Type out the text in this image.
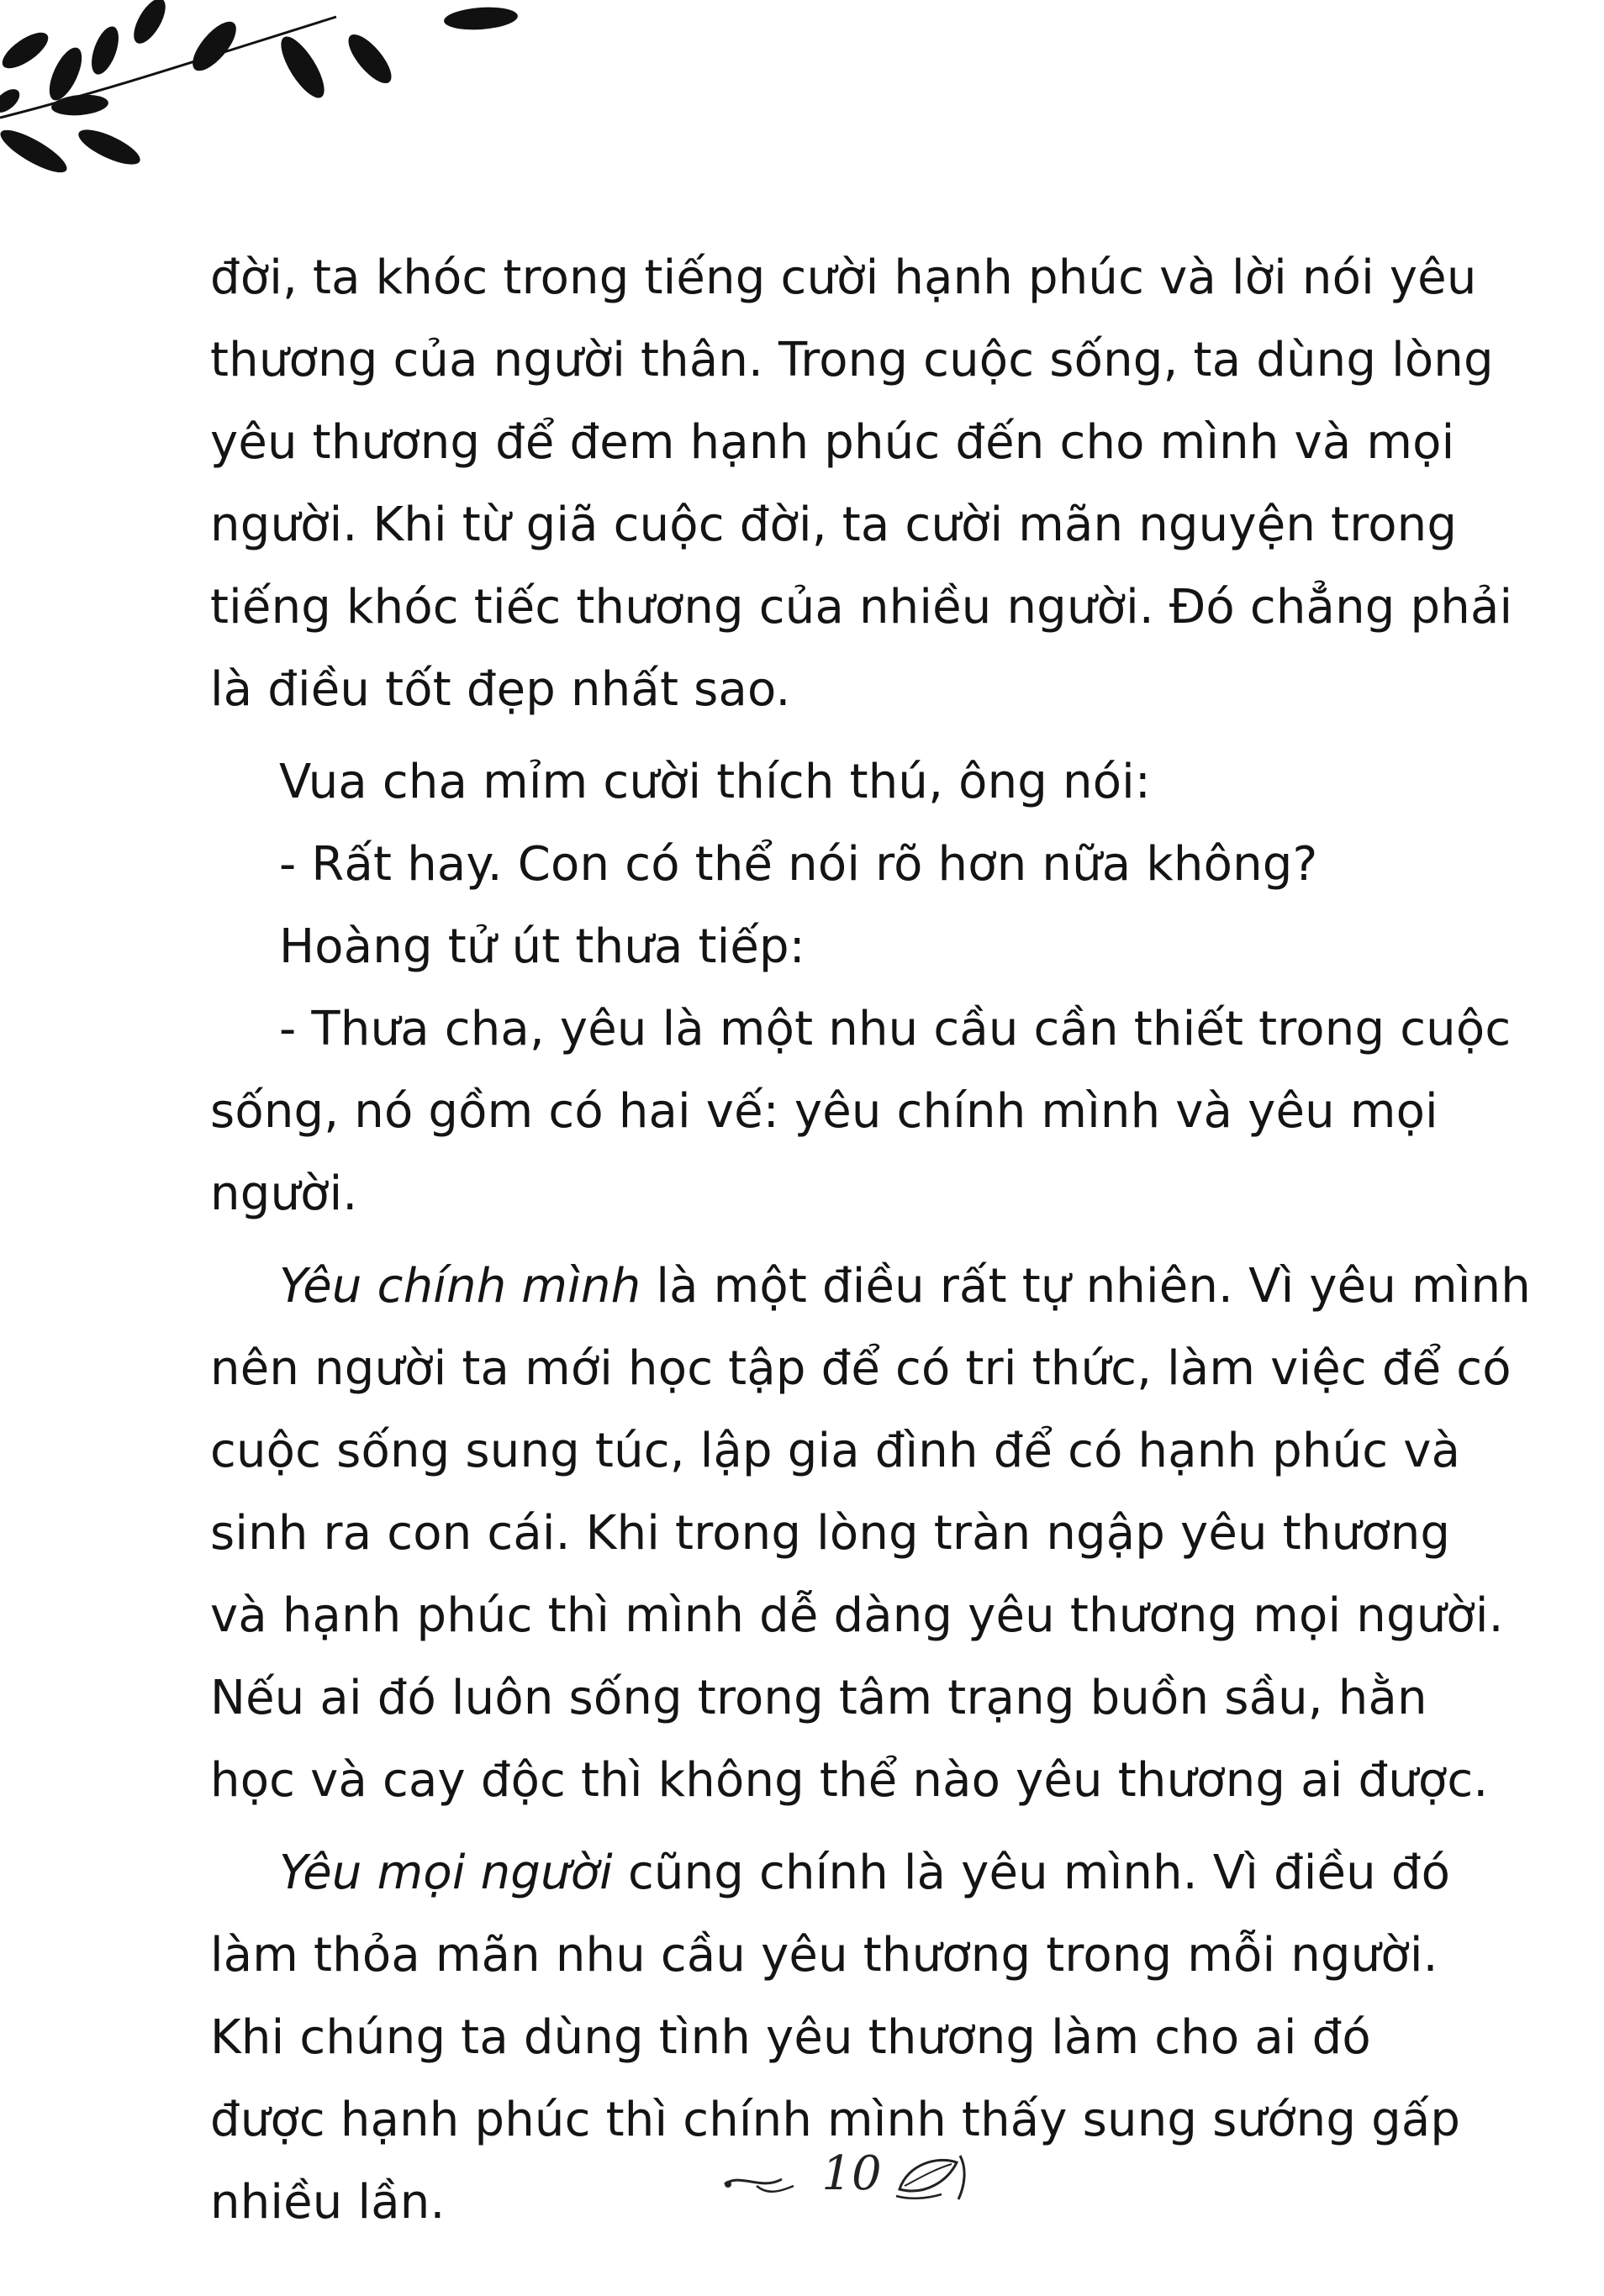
đời, ta khóc trong tiếng cười hạnh phúc và lời nói yêu
thương của người thân. Trong cuộc sống, ta dùng lòng
yêu thương để đem hạnh phúc đến cho mình và mọi
người. Khi từ giã cuộc đời, ta cười mãn nguyện trong
tiếng khóc tiếc thương của nhiều người. Đó chẳng phải
là điều tốt đẹp nhất sao.
Vua cha mỉm cười thích thú, ông nói:
- Rất hay. Con có thể nói rõ hơn nữa không?
Hoàng tử út thưa tiếp:
- Thưa cha, yêu là một nhu cầu cần thiết trong cuộc
sống, nó gồm có hai vế: yêu chính mình và yêu mọi
người.
Yêu chính mình là một điều rất tự nhiên. Vì yêu mình
nên người ta mới học tập để có tri thức, làm việc để có
cuộc sống sung túc, lập gia đình để có hạnh phúc và
sinh ra con cái. Khi trong lòng tràn ngập yêu thương
và hạnh phúc thì mình dễ dàng yêu thương mọi người.
Nếu ai đó luôn sống trong tâm trạng buồn sầu, hằn
học và cay độc thì không thể nào yêu thương ai được.
Yêu mọi người cũng chính là yêu mình. Vì điều đó
làm thỏa mãn nhu cầu yêu thương trong mỗi người.
Khi chúng ta dùng tình yêu thương làm cho ai đó
được hạnh phúc thì chính mình thấy sung sướng gấp
nhiều lần.
10
